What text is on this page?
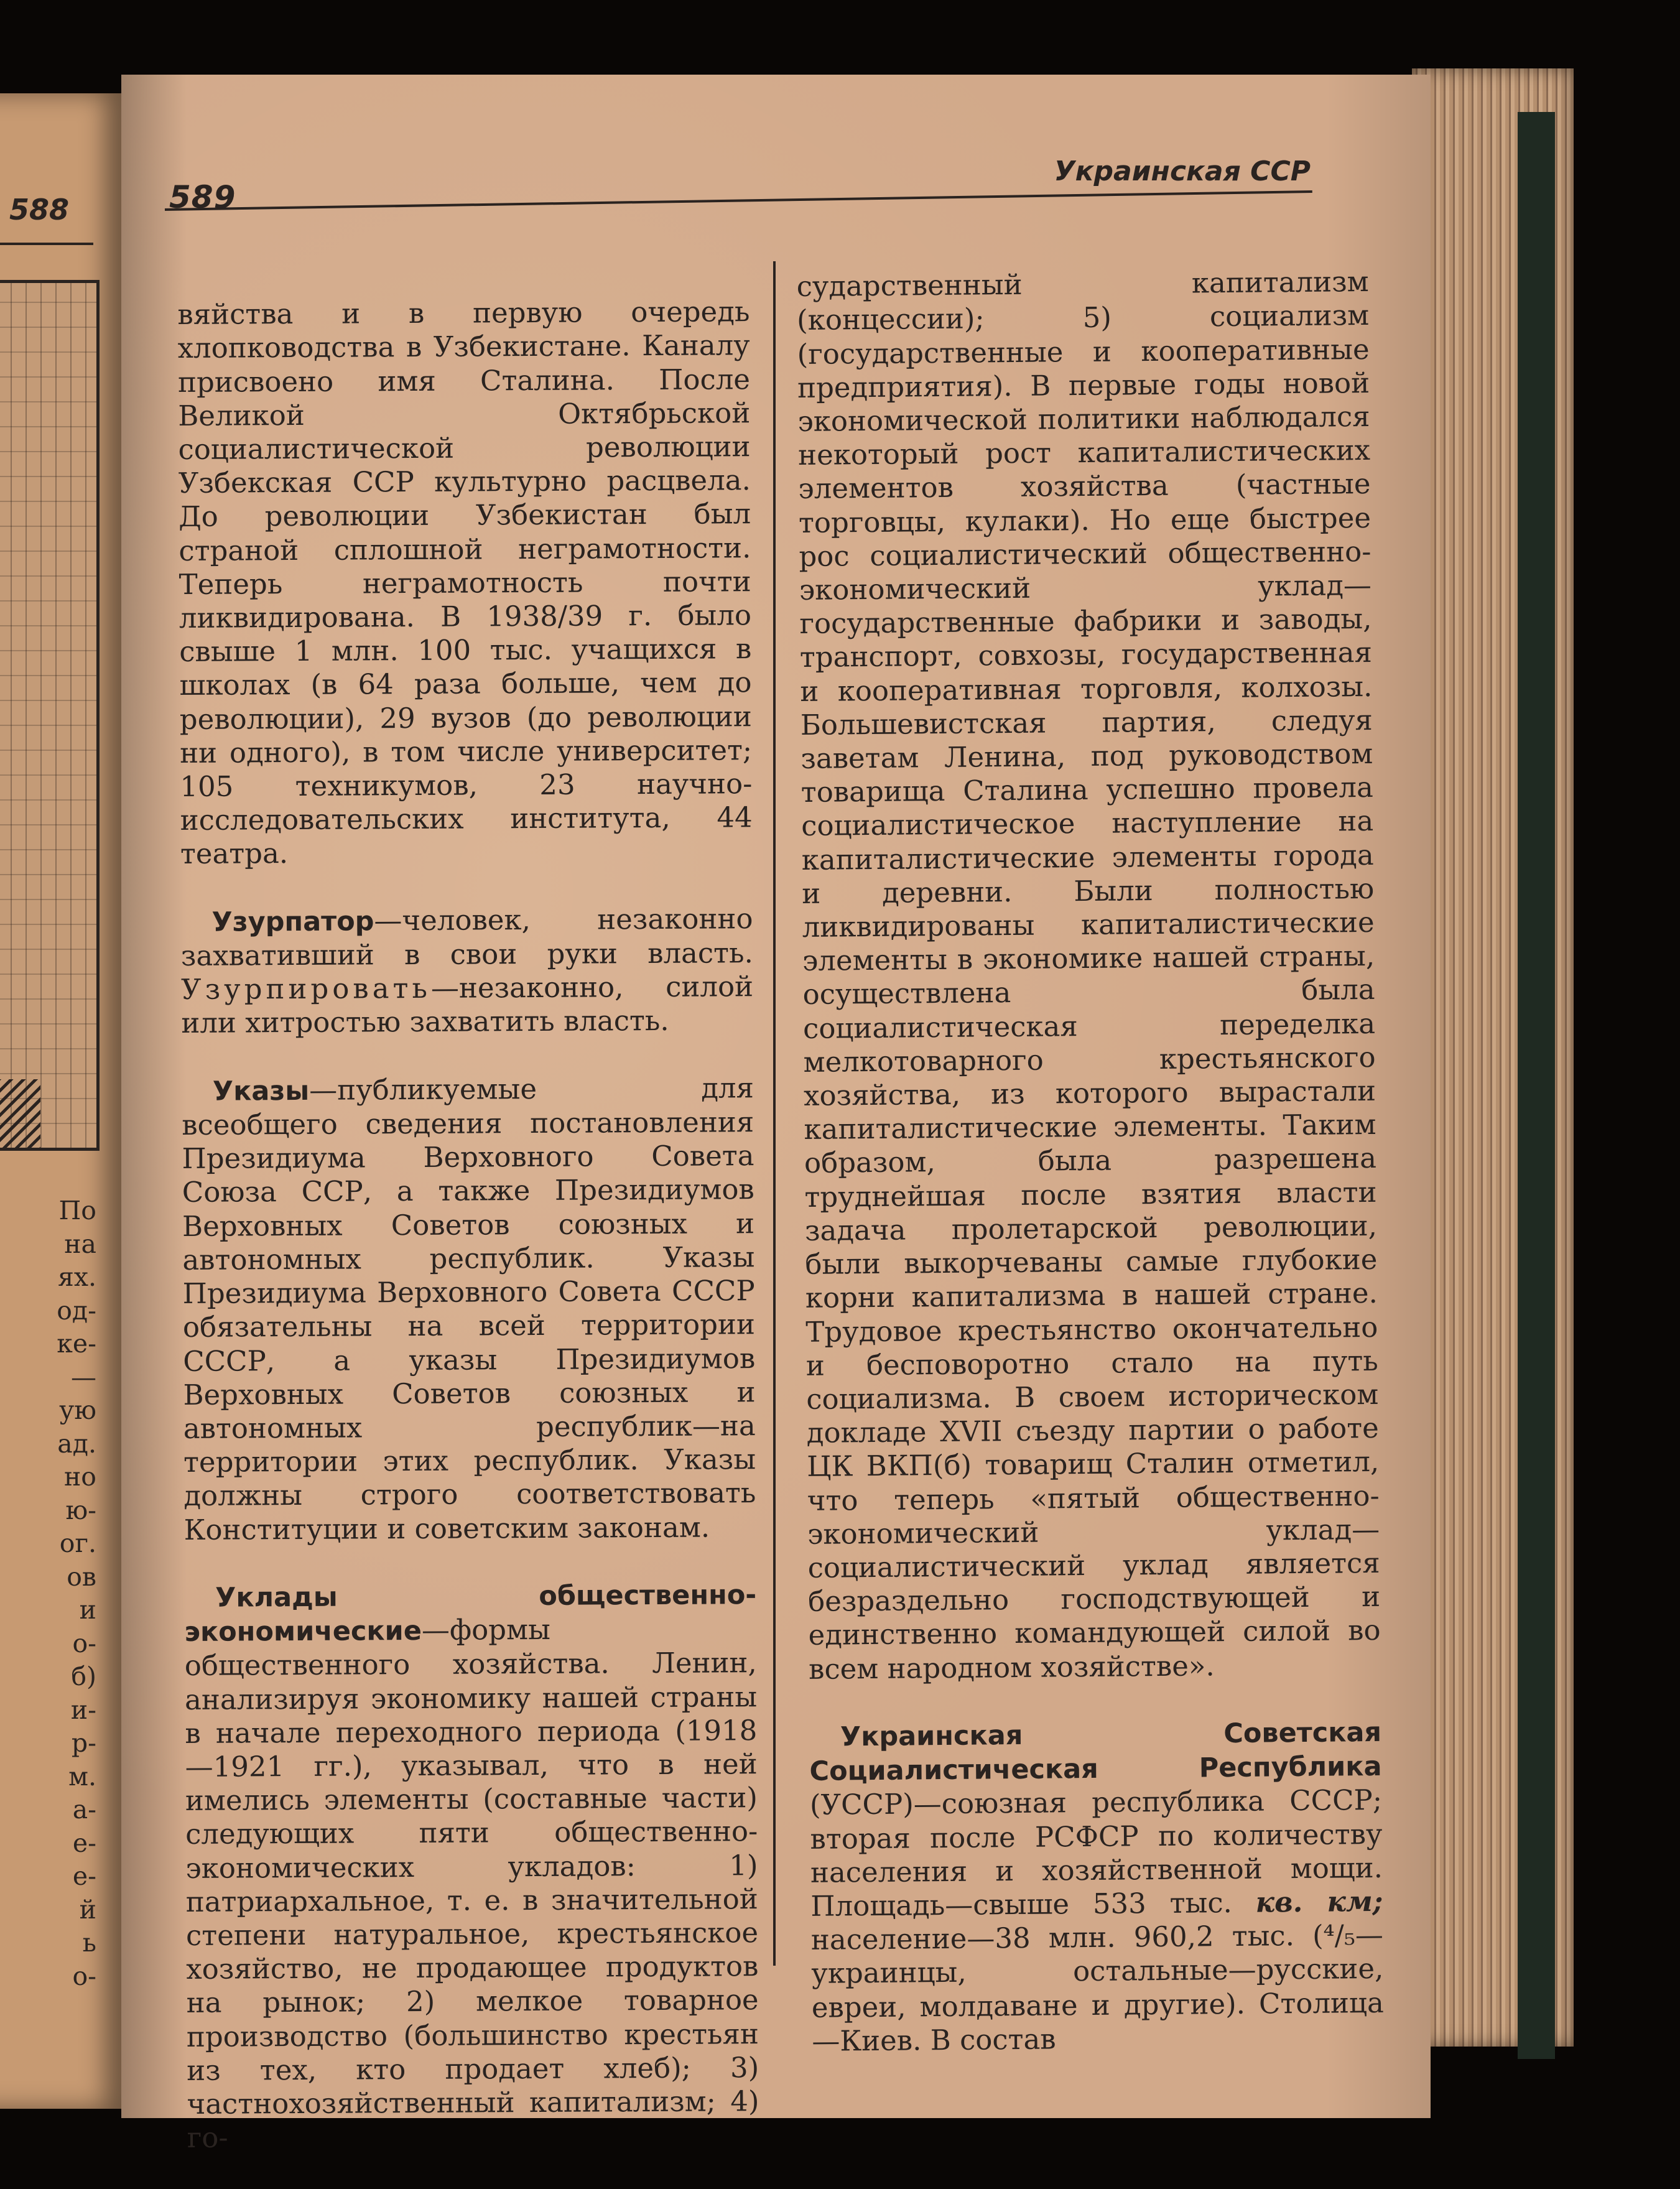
588
По
на
ях.
од-
ке-
—
ую
ад.
но
ю-
ог.
ов
и
о-
б)
и-
р-
м.
а-
е-
е-
й
ь
о-
589
Украинская ССР

вяйства и в первую очередь хлопководства в Узбекистане. Каналу присвоено имя Сталина. После Великой Октябрьской социалистической революции Узбекская ССР культурно расцвела. До революции Узбекистан был страной сплошной неграмотности. Теперь неграмотность почти ликвидирована. В 1938/39 г. было свыше 1 млн. 100 тыс. учащихся в школах (в 64 раза больше, чем до революции), 29 вузов (до революции ни одного), в том числе университет; 105 техникумов, 23 научно-исследовательских института, 44 театра.

Узурпатор—человек, незаконно захвативший в свои руки власть. Узурпировать—незаконно, силой или хитростью захватить власть.

Указы—публикуемые для всеобщего сведения постановления Президиума Верховного Совета Союза ССР, а также Президиумов Верховных Советов союзных и автономных республик. Указы Президиума Верховного Совета СССР обязательны на всей территории СССР, а указы Президиумов Верховных Советов союзных и автономных республик—на территории этих республик. Указы должны строго соответствовать Конституции и советским законам.

Уклады общественно-экономические—формы общественного хозяйства. Ленин, анализируя экономику нашей страны в начале переходного периода (1918—1921 гг.), указывал, что в ней имелись элементы (составные части) следующих пяти общественно-экономических укладов: 1) патриархальное, т. е. в значительной степени натуральное, крестьянское хозяйство, не продающее продуктов на рынок; 2) мелкое товарное производство (большинство крестьян из тех, кто продает хлеб); 3) частнохозяйственный капитализм; 4) го-

сударственный капитализм (концессии); 5) социализм (государственные и кооперативные предприятия). В первые годы новой экономической политики наблюдался некоторый рост капиталистических элементов хозяйства (частные торговцы, кулаки). Но еще быстрее рос социалистический общественно-экономический уклад—государственные фабрики и заводы, транспорт, совхозы, государственная и кооперативная торговля, колхозы. Большевистская партия, следуя заветам Ленина, под руководством товарища Сталина успешно провела социалистическое наступление на капиталистические элементы города и деревни. Были полностью ликвидированы капиталистические элементы в экономике нашей страны, осуществлена была социалистическая переделка мелкотоварного крестьянского хозяйства, из которого вырастали капиталистические элементы. Таким образом, была разрешена труднейшая после взятия власти задача пролетарской революции, были выкорчеваны самые глубокие корни капитализма в нашей стране. Трудовое крестьянство окончательно и бесповоротно стало на путь социализма. В своем историческом докладе XVII съезду партии о работе ЦК ВКП(б) товарищ Сталин отметил, что теперь «пятый общественно-экономический уклад—социалистический уклад является безраздельно господствующей и единственно командующей силой во всем народном хозяйстве».

Украинская Советская Социалистическая Республика (УССР)—союзная республика СССР; вторая после РСФСР по количеству населения и хозяйственной мощи. Площадь—свыше 533 тыс. кв. км; население—38 млн. 960,2 тыс. (⁴/₅—украинцы, остальные—русские, евреи, молдаване и другие). Столица—Киев. В состав
